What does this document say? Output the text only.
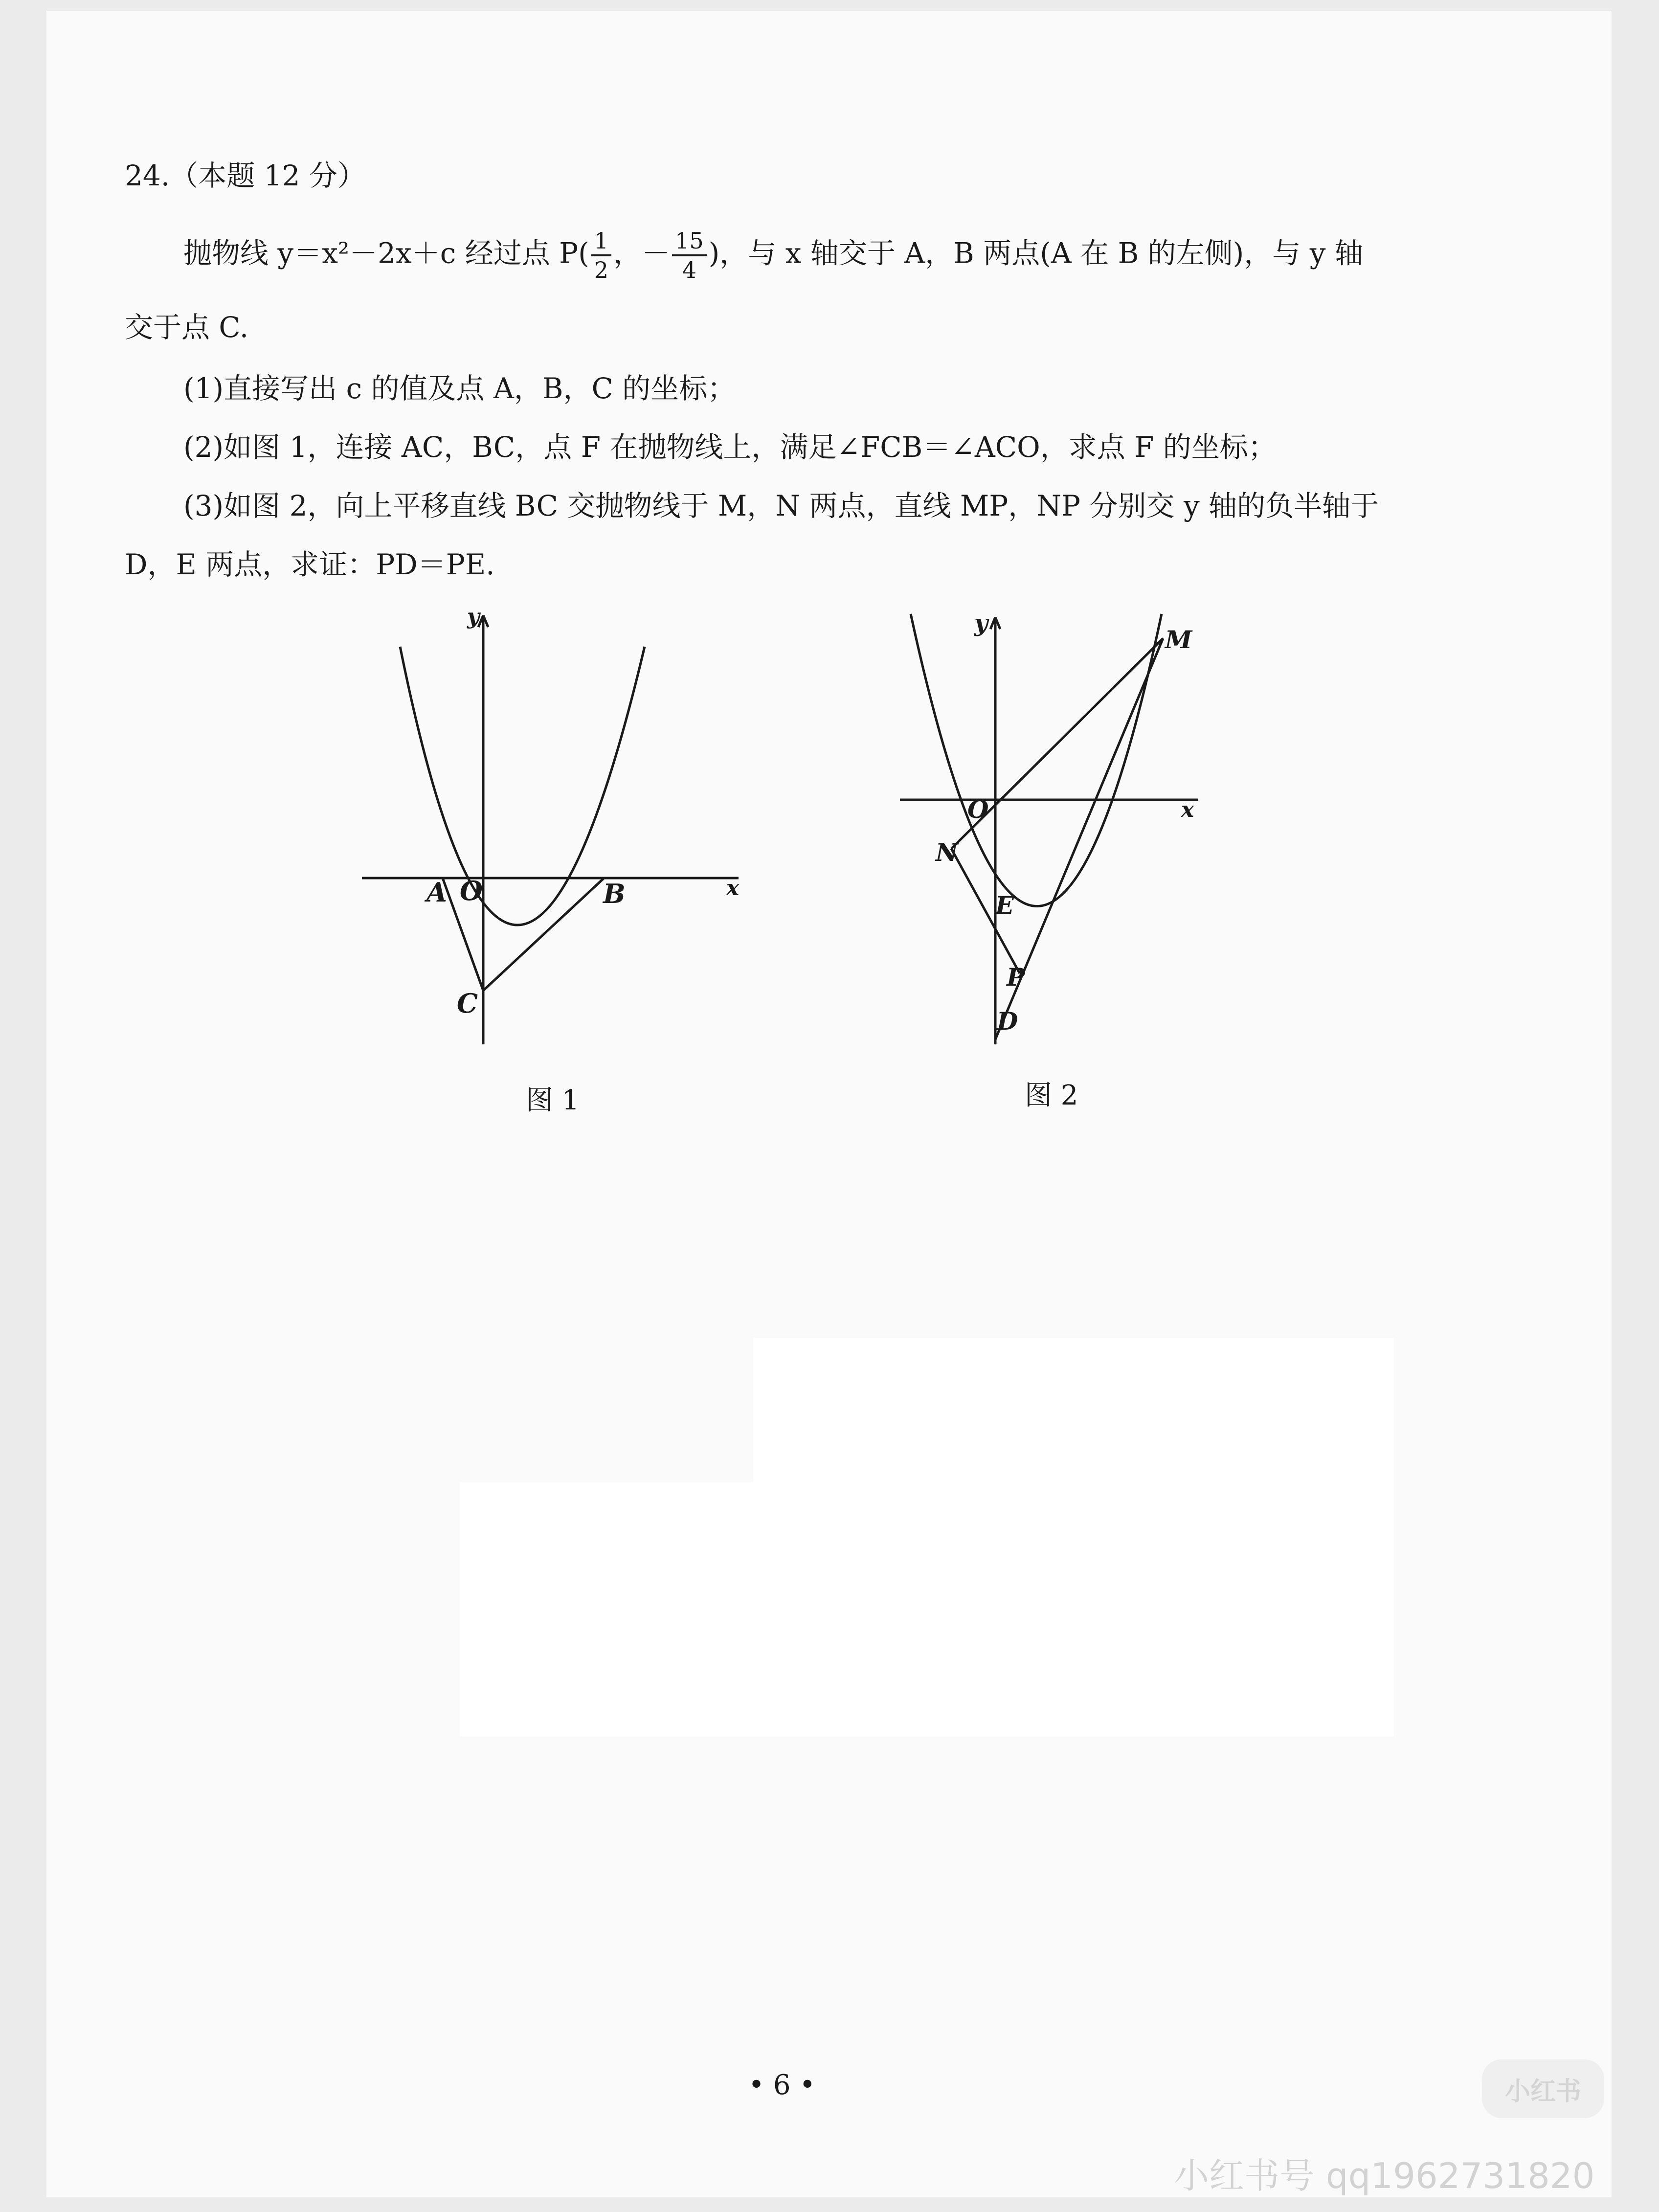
24.（本题 12 分）
抛物线 y＝x²－2x＋c 经过点 $P( \frac{1}{2}$ ，－ $\frac{15}{4}$ )，与 x 轴交于 A，B 两点(A 在 B 的左侧)，与 y 轴
交于点 C.
(1)直接写出 c 的值及点 A，B，C 的坐标；
(2)如图 1，连接 AC，BC，点 F 在抛物线上，满足∠FCB＝∠ACO，求点 F 的坐标；
(3)如图 2，向上平移直线 BC 交抛物线于 M，N 两点，直线 MP，NP 分别交 y 轴的负半轴于
D，E 两点，求证：PD＝PE.
y
x
A O	B
C
图 1
y
x
O
M
N
E
P
D
图 2
• 6 •	小红书
小红书号 qq1962731820
